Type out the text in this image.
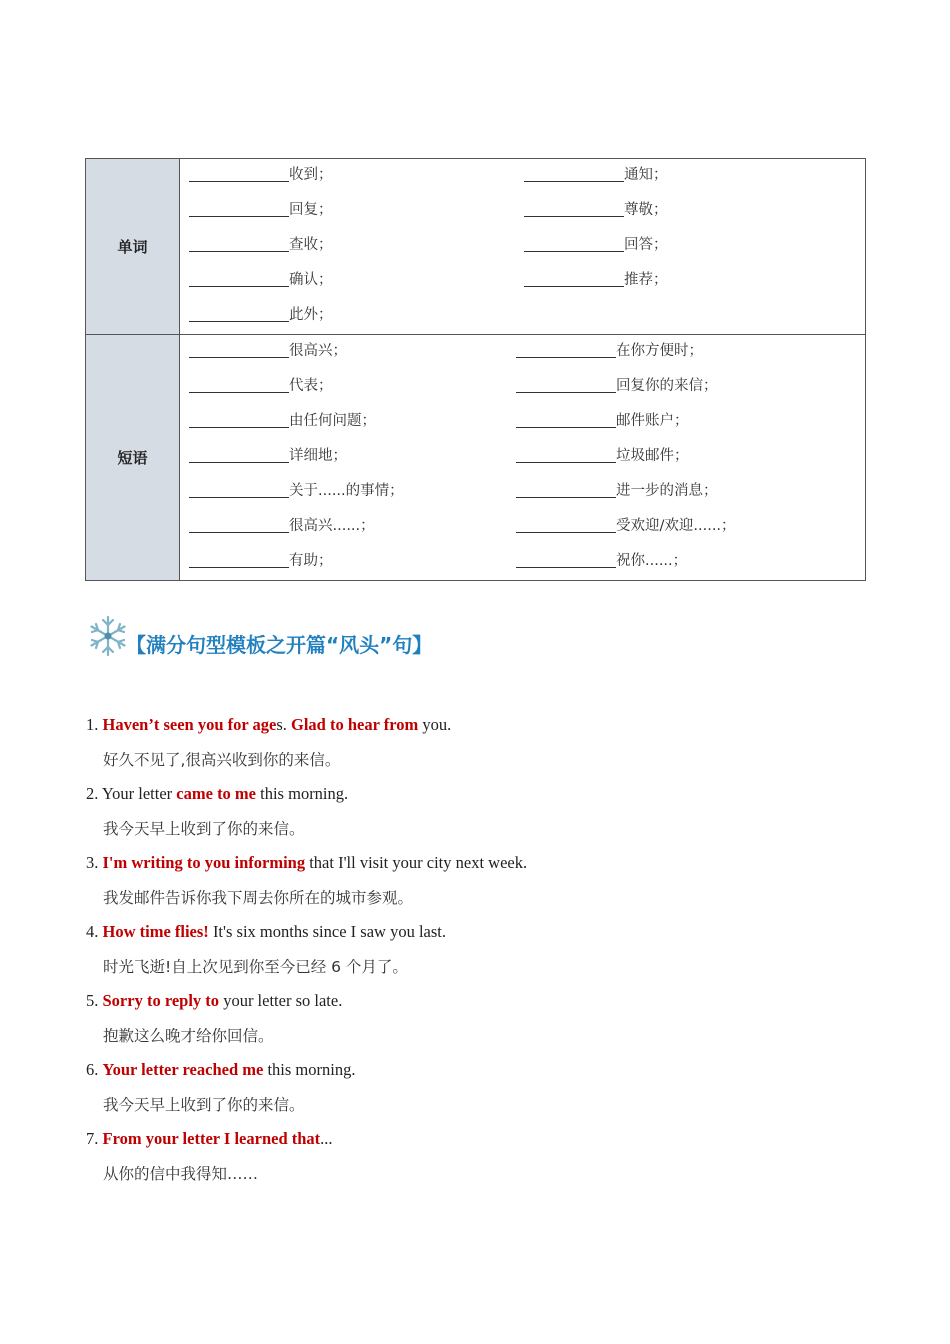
单词
收到；	通知；
回复；	尊敬；
查收；	回答；
确认；	推荐；
此外；
短语
很高兴；	在你方便时；
代表；	回复你的来信；
由任何问题；	邮件账户；
详细地；	垃圾邮件；
关于......的事情；	进一步的消息；
很高兴......；	受欢迎/欢迎......；
有助；	祝你......；
【满分句型模板之开篇“风头”句】
1. Haven’t seen you for ages. Glad to hear from you.
好久不见了,很高兴收到你的来信。
2. Your letter came to me this morning.
我今天早上收到了你的来信。
3. I'm writing to you informing that I'll visit your city next week.
我发邮件告诉你我下周去你所在的城市参观。
4. How time flies! It's six months since I saw you last.
时光飞逝!自上次见到你至今已经 6 个月了。
5. Sorry to reply to your letter so late.
抱歉这么晚才给你回信。
6. Your letter reached me this morning.
我今天早上收到了你的来信。
7. From your letter I learned that...
从你的信中我得知……
